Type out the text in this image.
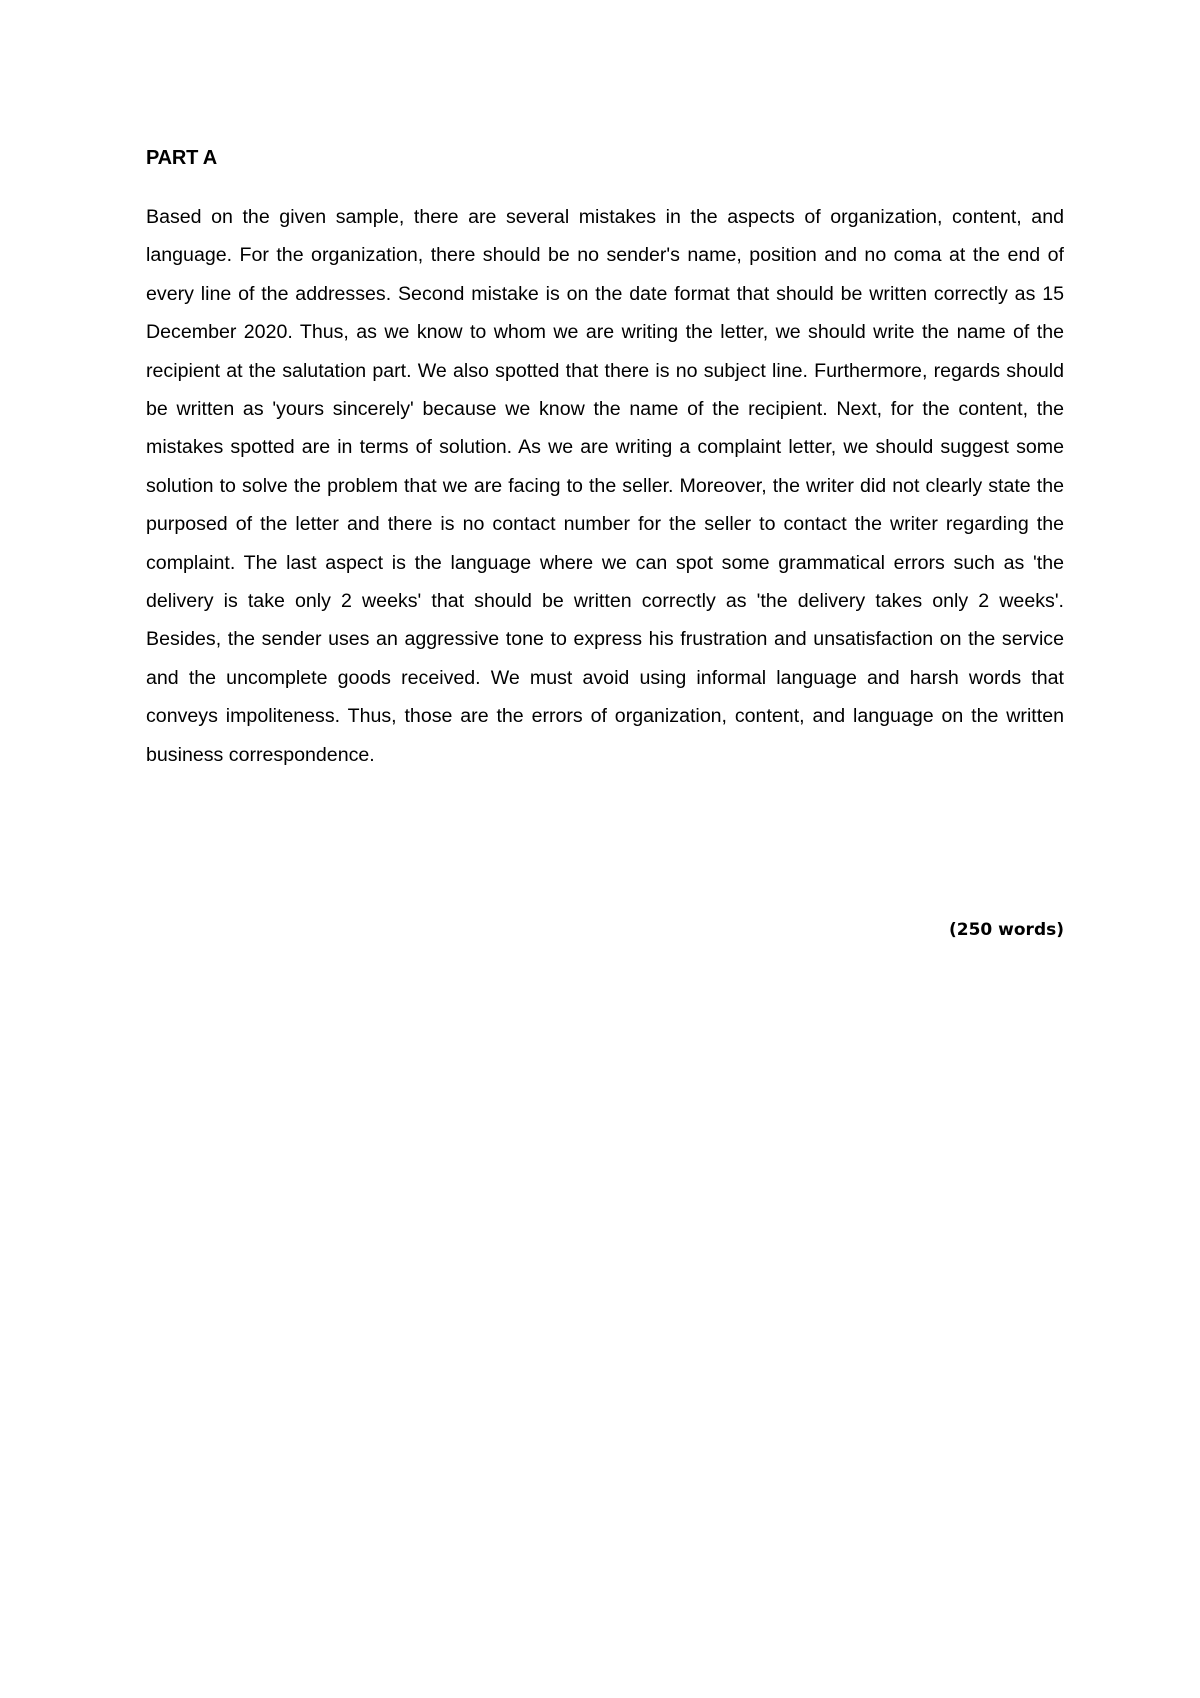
PART A

Based on the given sample, there are several mistakes in the aspects of organization, content, and language. For the organization, there should be no sender's name, position and no coma at the end of every line of the addresses. Second mistake is on the date format that should be written correctly as 15 December 2020. Thus, as we know to whom we are writing the letter, we should write the name of the recipient at the salutation part. We also spotted that there is no subject line. Furthermore, regards should be written as 'yours sincerely' because we know the name of the recipient. Next, for the content, the mistakes spotted are in terms of solution. As we are writing a complaint letter, we should suggest some solution to solve the problem that we are facing to the seller. Moreover, the writer did not clearly state the purposed of the letter and there is no contact number for the seller to contact the writer regarding the complaint. The last aspect is the language where we can spot some grammatical errors such as 'the delivery is take only 2 weeks' that should be written correctly as 'the delivery takes only 2 weeks'. Besides, the sender uses an aggressive tone to express his frustration and unsatisfaction on the service and the uncomplete goods received. We must avoid using informal language and harsh words that conveys impoliteness. Thus, those are the errors of organization, content, and language on the written business correspondence.

(250 words)
